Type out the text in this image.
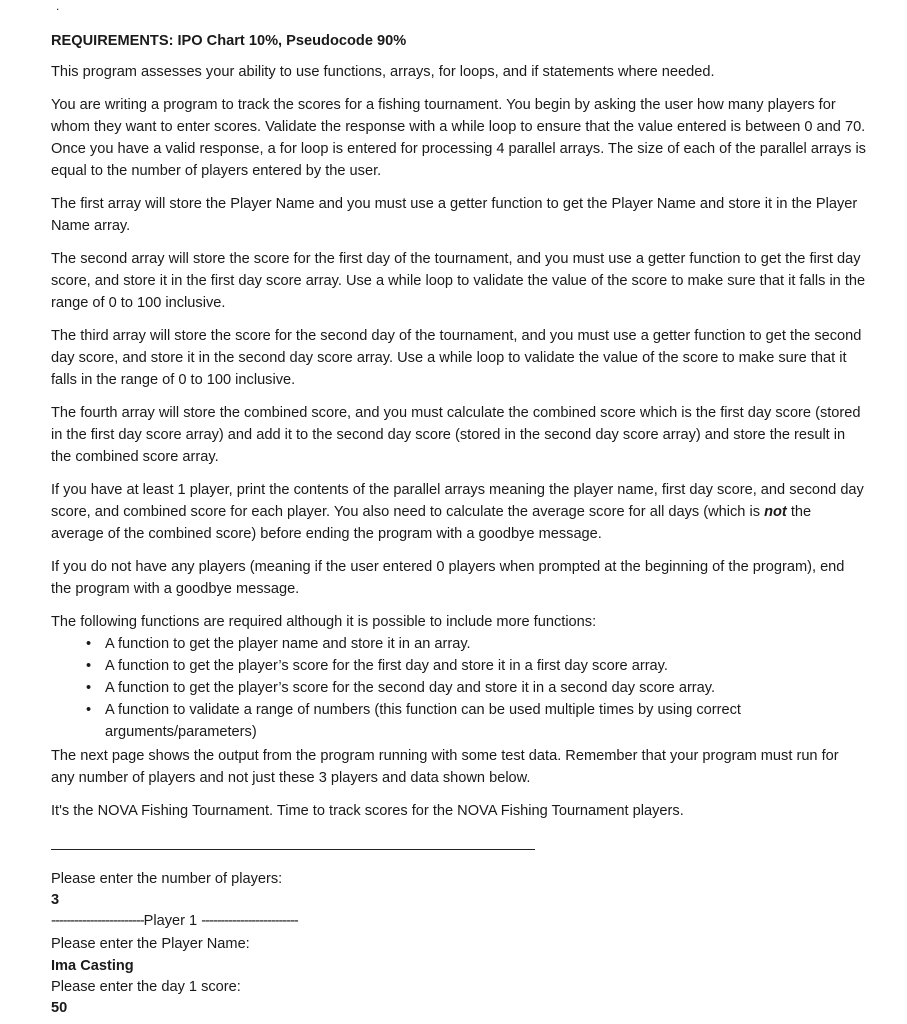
.
REQUIREMENTS: IPO Chart 10%, Pseudocode 90%

This program assesses your ability to use functions, arrays, for loops, and if statements where needed.

You are writing a program to track the scores for a fishing tournament. You begin by asking the user how many players for whom they want to enter scores. Validate the response with a while loop to ensure that the value entered is between 0 and 70. Once you have a valid response, a for loop is entered for processing 4 parallel arrays. The size of each of the parallel arrays is equal to the number of players entered by the user.

The first array will store the Player Name and you must use a getter function to get the Player Name and store it in the Player Name array.

The second array will store the score for the first day of the tournament, and you must use a getter function to get the first day score, and store it in the first day score array. Use a while loop to validate the value of the score to make sure that it falls in the range of 0 to 100 inclusive.

The third array will store the score for the second day of the tournament, and you must use a getter function to get the second day score, and store it in the second day score array. Use a while loop to validate the value of the score to make sure that it falls in the range of 0 to 100 inclusive.

The fourth array will store the combined score, and you must calculate the combined score which is the first day score (stored in the first day score array) and add it to the second day score (stored in the second day score array) and store the result in the combined score array.

If you have at least 1 player, print the contents of the parallel arrays meaning the player name, first day score, and second day score, and combined score for each player. You also need to calculate the average score for all days (which is not the average of the combined score) before ending the program with a goodbye message.

If you do not have any players (meaning if the user entered 0 players when prompted at the beginning of the program), end the program with a goodbye message.

The following functions are required although it is possible to include more functions:

• A function to get the player name and store it in an array.
• A function to get the player’s score for the first day and store it in a first day score array.
• A function to get the player’s score for the second day and store it in a second day score array.
• A function to validate a range of numbers (this function can be used multiple times by using correct arguments/parameters)

The next page shows the output from the program running with some test data. Remember that your program must run for any number of players and not just these 3 players and data shown below.

It's the NOVA Fishing Tournament. Time to track scores for the NOVA Fishing Tournament players.

Please enter the number of players:
3
------------------------Player 1 -------------------------
Please enter the Player Name:
Ima Casting
Please enter the day 1 score:
50
